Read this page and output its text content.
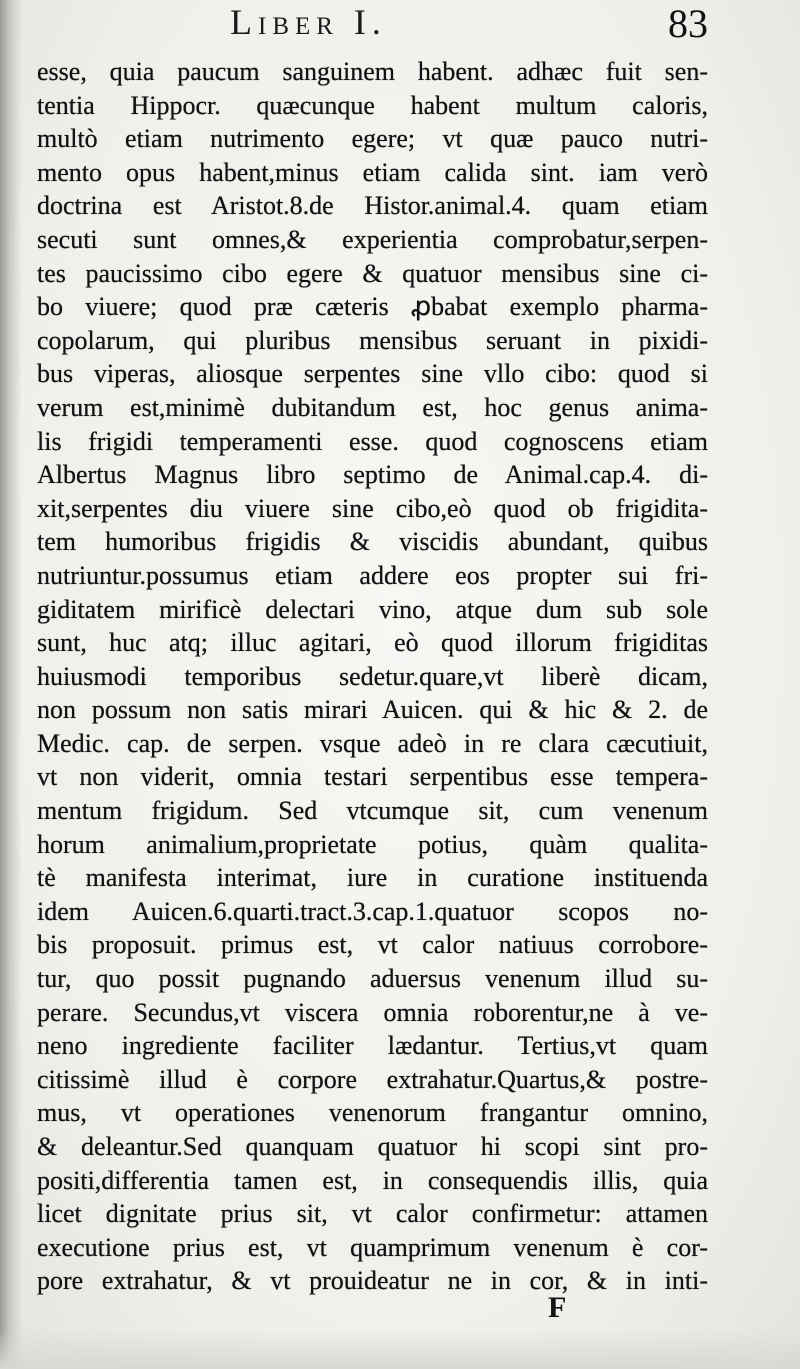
Liber I.	83
esse, quia paucum sanguinem habent. adhæc fuit sen-
tentia Hippocr. quæcunque habent multum caloris,
multò etiam nutrimento egere; vt quæ pauco nutri-
mento opus habent,minus etiam calida sint. iam verò
doctrina est Aristot.8.de Histor.animal.4. quam etiam
secuti sunt omnes,& experientia comprobatur,serpen-
tes paucissimo cibo egere & quatuor mensibus sine ci-
bo viuere; quod præ cæteris ꝓbabat exemplo pharma-
copolarum, qui pluribus mensibus seruant in pixidi-
bus viperas, aliosque serpentes sine vllo cibo: quod si
verum est,minimè dubitandum est, hoc genus anima-
lis frigidi temperamenti esse. quod cognoscens etiam
Albertus Magnus libro septimo de Animal.cap.4. di-
xit,serpentes diu viuere sine cibo,eò quod ob frigidita-
tem humoribus frigidis & viscidis abundant, quibus
nutriuntur.possumus etiam addere eos propter sui fri-
giditatem mirificè delectari vino, atque dum sub sole
sunt, huc atq; illuc agitari, eò quod illorum frigiditas
huiusmodi temporibus sedetur.quare,vt liberè dicam,
non possum non satis mirari Auicen. qui & hic & 2. de
Medic. cap. de serpen. vsque adeò in re clara cæcutiuit,
vt non viderit, omnia testari serpentibus esse tempera-
mentum frigidum. Sed vtcumque sit, cum venenum
horum animalium,proprietate potius, quàm qualita-
tè manifesta interimat, iure in curatione instituenda
idem Auicen.6.quarti.tract.3.cap.1.quatuor scopos no-
bis proposuit. primus est, vt calor natiuus corrobore-
tur, quo possit pugnando aduersus venenum illud su-
perare. Secundus,vt viscera omnia roborentur,ne à ve-
neno ingrediente faciliter lædantur. Tertius,vt quam
citissimè illud è corpore extrahatur.Quartus,& postre-
mus, vt operationes venenorum frangantur omnino,
& deleantur.Sed quanquam quatuor hi scopi sint pro-
positi,differentia tamen est, in consequendis illis, quia
licet dignitate prius sit, vt calor confirmetur: attamen
executione prius est, vt quamprimum venenum è cor-
pore extrahatur, & vt prouideatur ne in cor, & in inti-
F
